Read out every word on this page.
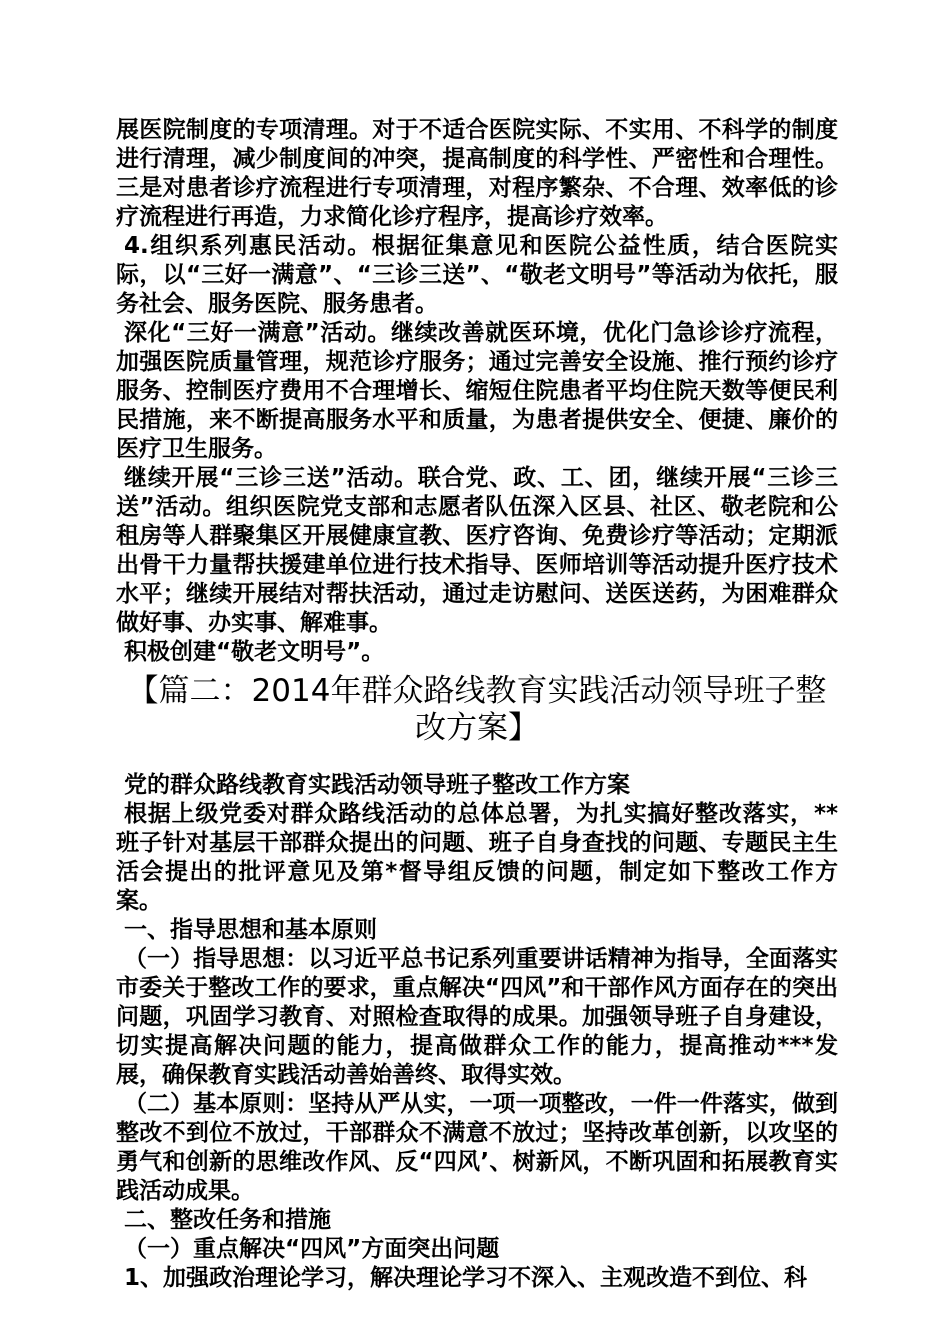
展医院制度的专项清理。对于不适合医院实际、不实用、不科学的制度进行清理，减少制度间的冲突，提高制度的科学性、严密性和合理性。三是对患者诊疗流程进行专项清理，对程序繁杂、不合理、效率低的诊疗流程进行再造，力求简化诊疗程序，提高诊疗效率。

4.组织系列惠民活动。根据征集意见和医院公益性质，结合医院实际，以“三好一满意”、“三诊三送”、“敬老文明号”等活动为依托，服务社会、服务医院、服务患者。

深化“三好一满意”活动。继续改善就医环境，优化门急诊诊疗流程，加强医院质量管理，规范诊疗服务；通过完善安全设施、推行预约诊疗服务、控制医疗费用不合理增长、缩短住院患者平均住院天数等便民利民措施，来不断提高服务水平和质量，为患者提供安全、便捷、廉价的医疗卫生服务。

继续开展“三诊三送”活动。联合党、政、工、团，继续开展“三诊三送”活动。组织医院党支部和志愿者队伍深入区县、社区、敬老院和公租房等人群聚集区开展健康宣教、医疗咨询、免费诊疗等活动；定期派出骨干力量帮扶援建单位进行技术指导、医师培训等活动提升医疗技术水平；继续开展结对帮扶活动，通过走访慰问、送医送药，为困难群众做好事、办实事、解难事。

积极创建“敬老文明号”。

【篇二：2014年群众路线教育实践活动领导班子整改方案】

党的群众路线教育实践活动领导班子整改工作方案

根据上级党委对群众路线活动的总体总署，为扎实搞好整改落实，**班子针对基层干部群众提出的问题、班子自身查找的问题、专题民主生活会提出的批评意见及第*督导组反馈的问题，制定如下整改工作方案。

一、指导思想和基本原则

（一）指导思想：以习近平总书记系列重要讲话精神为指导，全面落实市委关于整改工作的要求，重点解决“四风”和干部作风方面存在的突出问题，巩固学习教育、对照检查取得的成果。加强领导班子自身建设，切实提高解决问题的能力，提高做群众工作的能力，提高推动***发展，确保教育实践活动善始善终、取得实效。

（二）基本原则：坚持从严从实，一项一项整改，一件一件落实，做到整改不到位不放过，干部群众不满意不放过；坚持改革创新，以攻坚的勇气和创新的思维改作风、反“四风’、树新风，不断巩固和拓展教育实践活动成果。

二、整改任务和措施

（一）重点解决“四风”方面突出问题

1、加强政治理论学习，解决理论学习不深入、主观改造不到位、科
